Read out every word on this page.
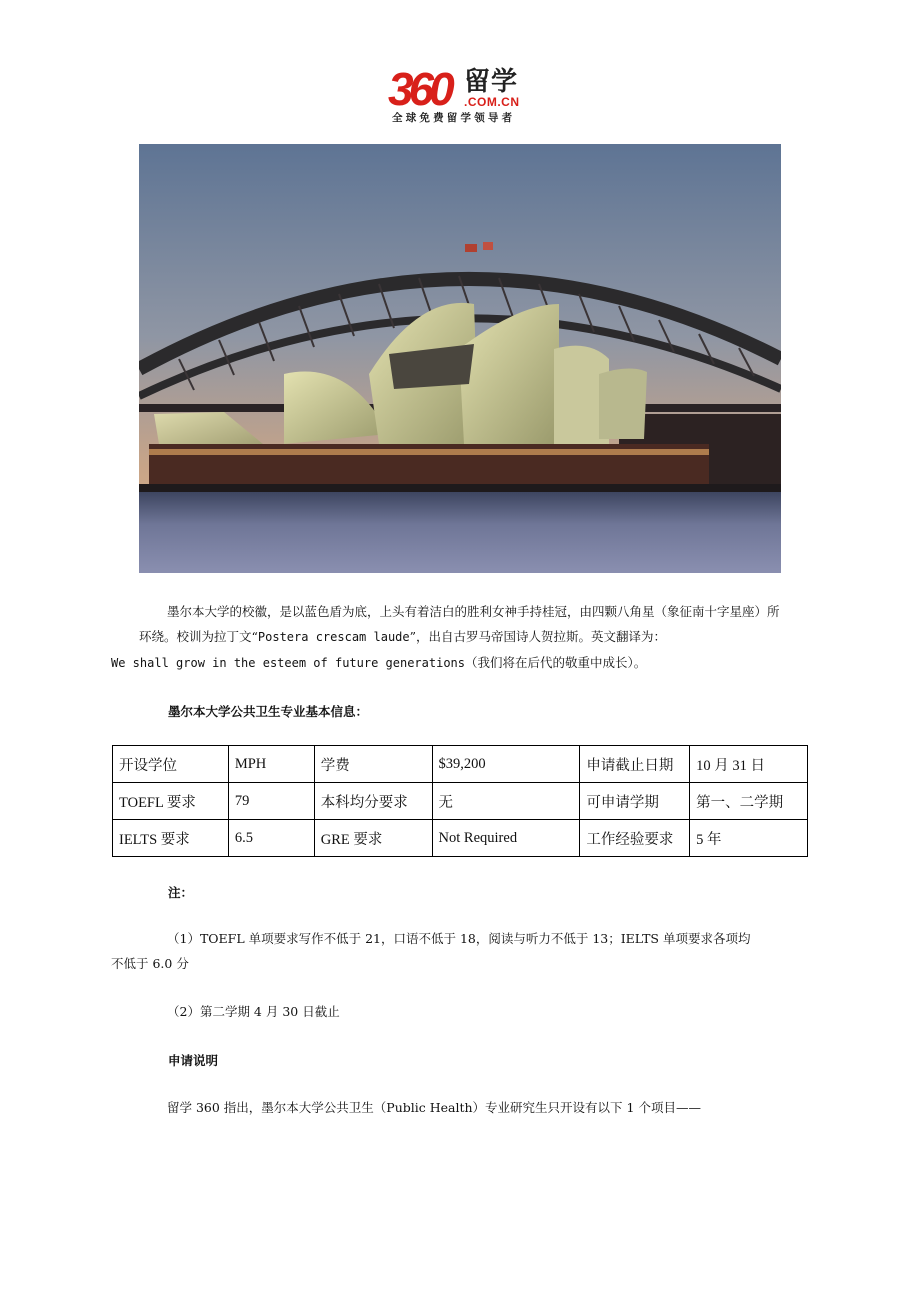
360 留学
.COM.CN
全球免费留学领导者
墨尔本大学的校徽，是以蓝色盾为底，上头有着洁白的胜利女神手持桂冠，由四颗八角星（象征南十字星座）所环绕。校训为拉丁文“Postera crescam laude”，出自古罗马帝国诗人贺拉斯。英文翻译为：
We shall grow in the esteem of future generations（我们将在后代的敬重中成长）。
墨尔本大学公共卫生专业基本信息：
开设学位	MPH	学费	$39,200	申请截止日期	10 月 31 日
TOEFL 要求	79	本科均分要求	无	可申请学期	第一、二学期
IELTS 要求	6.5	GRE 要求	Not Required	工作经验要求	5 年
注：
（1）TOEFL 单项要求写作不低于 21，口语不低于 18，阅读与听力不低于 13；IELTS 单项要求各项均
不低于 6.0 分
（2）第二学期 4 月 30 日截止
申请说明
留学 360 指出，墨尔本大学公共卫生（Public Health）专业研究生只开设有以下 1 个项目——
